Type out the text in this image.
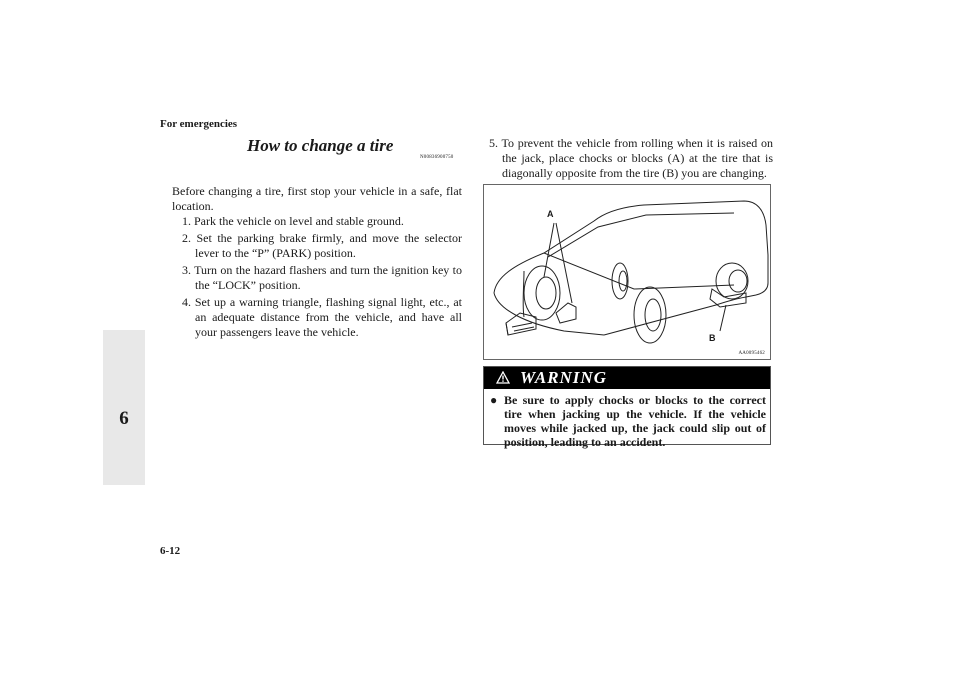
For emergencies
6
6-12
How to change a tire
N00836900750

Before changing a tire, first stop your vehicle in a safe, flat location.

1. Park the vehicle on level and stable ground.
2. Set the parking brake firmly, and move the selector lever to the “P” (PARK) position.
3. Turn on the hazard flashers and turn the ignition key to the “LOCK” position.
4. Set up a warning triangle, flashing signal light, etc., at an adequate distance from the vehicle, and have all your passengers leave the vehicle.

5. To prevent the vehicle from rolling when it is raised on the jack, place chocks or blocks (A) at the tire that is diagonally opposite from the tire (B) you are changing.

A
B
AA0095462
WARNING
● Be sure to apply chocks or blocks to the correct tire when jacking up the vehicle. If the vehicle moves while jacked up, the jack could slip out of position, leading to an accident.
